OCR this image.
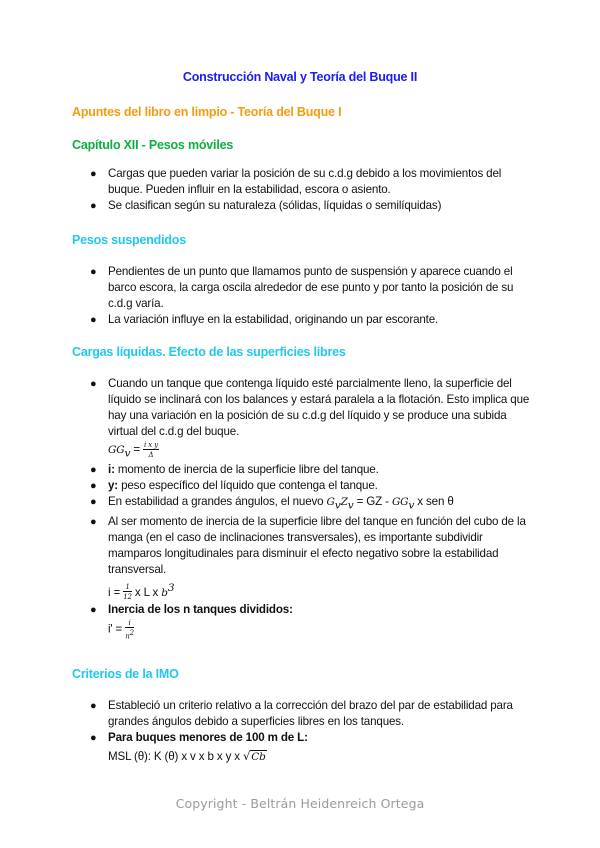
Construcción Naval y Teoría del Buque II
Apuntes del libro en limpio - Teoría del Buque I
Capítulo XII - Pesos móviles
● Cargas que pueden variar la posición de su c.d.g debido a los movimientos del buque. Pueden influir en la estabilidad, escora o asiento.
● Se clasifican según su naturaleza (sólidas, líquidas o semilíquidas)
Pesos suspendidos
● Pendientes de un punto que llamamos punto de suspensión y aparece cuando el barco escora, la carga oscila alrededor de ese punto y por tanto la posición de su c.d.g varía.
● La variación influye en la estabilidad, originando un par escorante.
Cargas líquidas. Efecto de las superficies libres
● Cuando un tanque que contenga líquido esté parcialmente lleno, la superficie del líquido se inclinará con los balances y estará paralela a la flotación. Esto implica que hay una variación en la posición de su c.d.g del líquido y se produce una subida virtual del c.d.g del buque.
$GG_v = \frac{\text{i x y}}{\Delta}$
● i: momento de inercia de la superficie libre del tanque.
● y: peso específico del líquido que contenga el tanque.
● En estabilidad a grandes ángulos, el nuevo $G_vZ_v$ = GZ - $GG_v$ x sen θ
● Al ser momento de inercia de la superficie libre del tanque en función del cubo de la manga (en el caso de inclinaciones transversales), es importante subdividir mamparos longitudinales para disminuir el efecto negativo sobre la estabilidad transversal.
$i = \frac{1}{12}$ x L x $b^3$
● Inercia de los n tanques divididos:
$i' = \frac{i}{n^2}$
Criterios de la IMO
● Estableció un criterio relativo a la corrección del brazo del par de estabilidad para grandes ángulos debido a superficies libres en los tanques.
● Para buques menores de 100 m de L:
MSL (θ): K (θ) x v x b x y x √Cb
Copyright - Beltrán Heidenreich Ortega
